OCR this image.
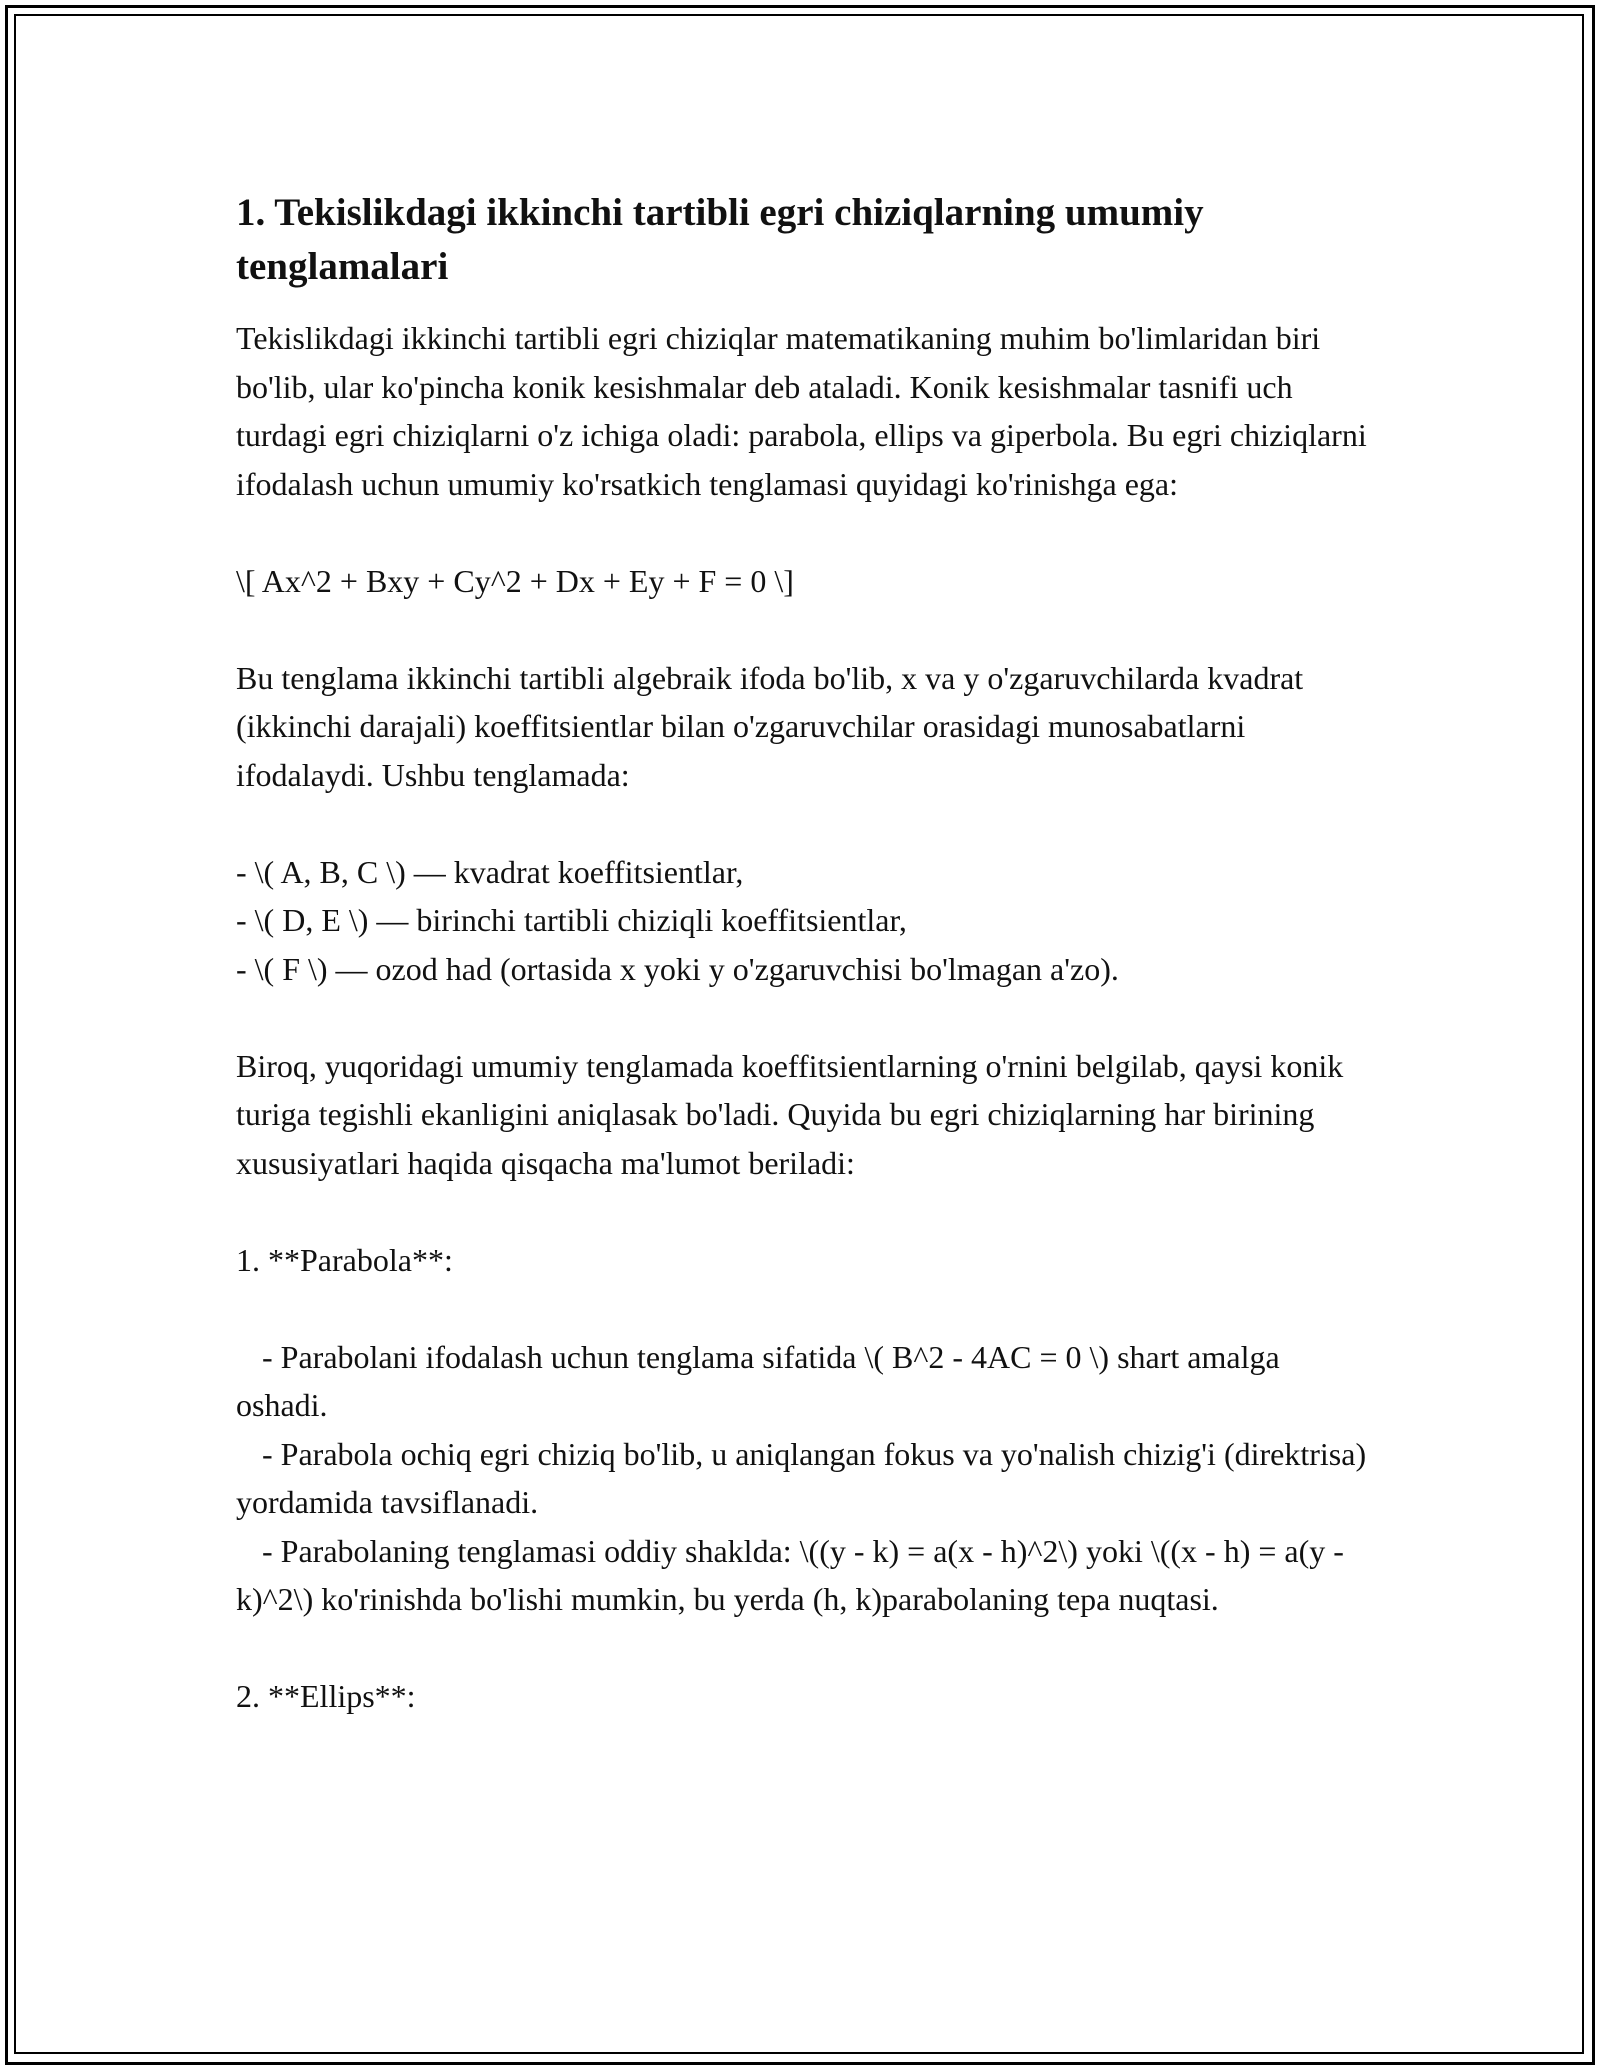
1. Tekislikdagi ikkinchi tartibli egri chiziqlarning umumiy tenglamalari

Tekislikdagi ikkinchi tartibli egri chiziqlar matematikaning muhim bo'limlaridan biri bo'lib, ular ko'pincha konik kesishmalar deb ataladi. Konik kesishmalar tasnifi uch turdagi egri chiziqlarni o'z ichiga oladi: parabola, ellips va giperbola. Bu egri chiziqlarni ifodalash uchun umumiy ko'rsatkich tenglamasi quyidagi ko'rinishga ega:

\[ Ax^2 + Bxy + Cy^2 + Dx + Ey + F = 0 \]

Bu tenglama ikkinchi tartibli algebraik ifoda bo'lib, x va y o'zgaruvchilarda kvadrat (ikkinchi darajali) koeffitsientlar bilan o'zgaruvchilar orasidagi munosabatlarni ifodalaydi. Ushbu tenglamada:

- \( A, B, C \) — kvadrat koeffitsientlar,
- \( D, E \) — birinchi tartibli chiziqli koeffitsientlar,
- \( F \) — ozod had (ortasida x yoki y o'zgaruvchisi bo'lmagan a'zo).

Biroq, yuqoridagi umumiy tenglamada koeffitsientlarning o'rnini belgilab, qaysi konik turiga tegishli ekanligini aniqlasak bo'ladi. Quyida bu egri chiziqlarning har birining xususiyatlari haqida qisqacha ma'lumot beriladi:

1. **Parabola**:

- Parabolani ifodalash uchun tenglama sifatida \( B^2 - 4AC = 0 \) shart amalga oshadi.
- Parabola ochiq egri chiziq bo'lib, u aniqlangan fokus va yo'nalish chizig'i (direktrisa) yordamida tavsiflanadi.
- Parabolaning tenglamasi oddiy shaklda: \((y - k) = a(x - h)^2\) yoki \((x - h) = a(y - k)^2\) ko'rinishda bo'lishi mumkin, bu yerda (h, k)parabolaning tepa nuqtasi.

2. **Ellips**:
